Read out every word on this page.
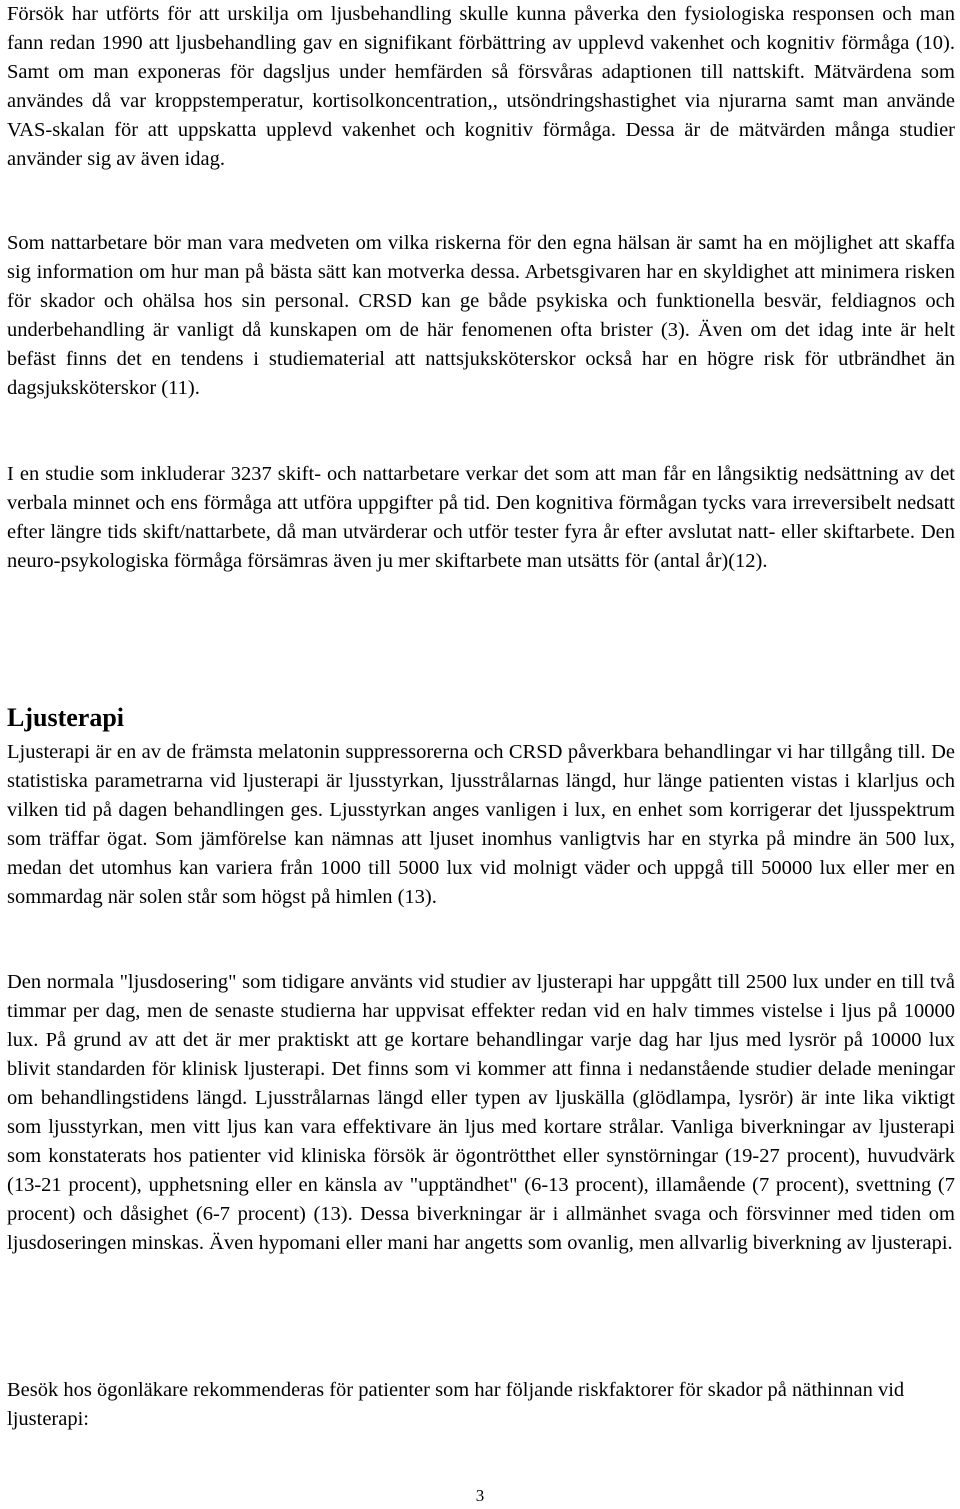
Försök har utförts för att urskilja om ljusbehandling skulle kunna påverka den fysiologiska responsen och man fann redan 1990 att ljusbehandling gav en signifikant förbättring av upplevd vakenhet och kognitiv förmåga (10). Samt om man exponeras för dagsljus under hemfärden så försvåras adaptionen till nattskift. Mätvärdena som användes då var kroppstemperatur, kortisolkoncentration,, utsöndringshastighet via njurarna samt man använde VAS-skalan för att uppskatta upplevd vakenhet och kognitiv förmåga. Dessa är de mätvärden många studier använder sig av även idag.

Som nattarbetare bör man vara medveten om vilka riskerna för den egna hälsan är samt ha en möjlighet att skaffa sig information om hur man på bästa sätt kan motverka dessa. Arbetsgivaren har en skyldighet att minimera risken för skador och ohälsa hos sin personal. CRSD kan ge både psykiska och funktionella besvär, feldiagnos och underbehandling är vanligt då kunskapen om de här fenomenen ofta brister (3). Även om det idag inte är helt befäst finns det en tendens i studiematerial att nattsjuksköterskor också har en högre risk för utbrändhet än dagsjuksköterskor (11).

I en studie som inkluderar 3237 skift- och nattarbetare verkar det som att man får en långsiktig nedsättning av det verbala minnet och ens förmåga att utföra uppgifter på tid. Den kognitiva förmågan tycks vara irreversibelt nedsatt efter längre tids skift/nattarbete, då man utvärderar och utför tester fyra år efter avslutat natt- eller skiftarbete. Den neuro-psykologiska förmåga försämras även ju mer skiftarbete man utsätts för (antal år)(12).

Ljusterapi

Ljusterapi är en av de främsta melatonin suppressorerna och CRSD påverkbara behandlingar vi har tillgång till. De statistiska parametrarna vid ljusterapi är ljusstyrkan, ljusstrålarnas längd, hur länge patienten vistas i klarljus och vilken tid på dagen behandlingen ges. Ljusstyrkan anges vanligen i lux, en enhet som korrigerar det ljusspektrum som träffar ögat. Som jämförelse kan nämnas att ljuset inomhus vanligtvis har en styrka på mindre än 500 lux, medan det utomhus kan variera från 1000 till 5000 lux vid molnigt väder och uppgå till 50000 lux eller mer en sommardag när solen står som högst på himlen (13).

Den normala "ljusdosering" som tidigare använts vid studier av ljusterapi har uppgått till 2500 lux under en till två timmar per dag, men de senaste studierna har uppvisat effekter redan vid en halv timmes vistelse i ljus på 10000 lux. På grund av att det är mer praktiskt att ge kortare behandlingar varje dag har ljus med lysrör på 10000 lux blivit standarden för klinisk ljusterapi. Det finns som vi kommer att finna i nedanstående studier delade meningar om behandlingstidens längd. Ljusstrålarnas längd eller typen av ljuskälla (glödlampa, lysrör) är inte lika viktigt som ljusstyrkan, men vitt ljus kan vara effektivare än ljus med kortare strålar. Vanliga biverkningar av ljusterapi som konstaterats hos patienter vid kliniska försök är ögontrötthet eller synstörningar (19-27 procent), huvudvärk (13-21 procent), upphetsning eller en känsla av "upptändhet" (6-13 procent), illamående (7 procent), svettning (7 procent) och dåsighet (6-7 procent) (13). Dessa biverkningar är i allmänhet svaga och försvinner med tiden om ljusdoseringen minskas. Även hypomani eller mani har angetts som ovanlig, men allvarlig biverkning av ljusterapi.

Besök hos ögonläkare rekommenderas för patienter som har följande riskfaktorer för skador på näthinnan vid ljusterapi:

3
